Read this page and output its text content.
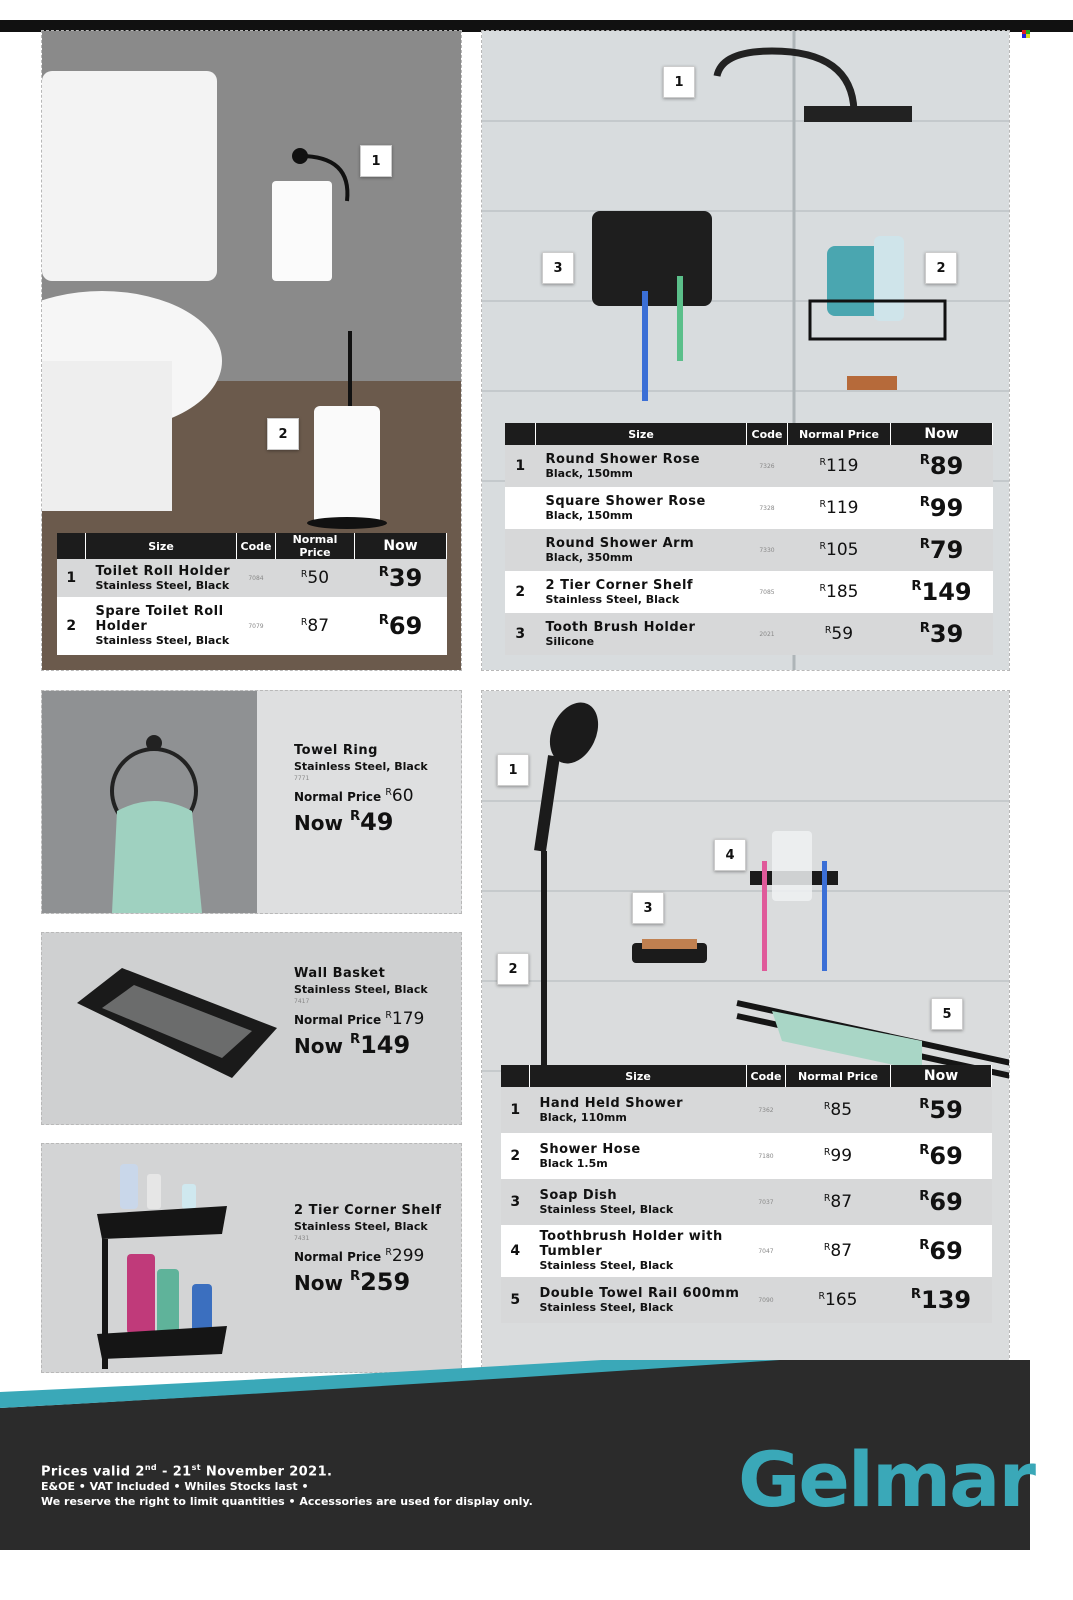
1
2
	Size	Code	Normal Price	Now
1	Toilet Roll Holder
Stainless Steel, Black	7084	$^R$50	$^R$39
2	Spare Toilet Roll Holder
Stainless Steel, Black	7079	$^R$87	$^R$69
1
2
3
	Size	Code	Normal Price	Now
1	Round Shower Rose
Black, 150mm	7326	$^R$119	$^R$89

	Square Shower Rose
Black, 150mm	7328	$^R$119	$^R$99

	Round Shower Arm
Black, 350mm	7330	$^R$105	$^R$79
2	2 Tier Corner Shelf
Stainless Steel, Black	7085	$^R$185	$^R$149
3	Tooth Brush Holder
Silicone	2021	$^R$59	$^R$39
Towel Ring
Stainless Steel, Black
7771
Normal Price $^R$60
Now $^R$49
Wall Basket
Stainless Steel, Black
7417
Normal Price $^R$179
Now $^R$149
2 Tier Corner Shelf
Stainless Steel, Black
7431
Normal Price $^R$299
Now $^R$259
1
2
3
4
5
	Size	Code	Normal Price	Now
1	Hand Held Shower
Black, 110mm	7362	$^R$85	$^R$59
2	Shower Hose
Black 1.5m	7180	$^R$99	$^R$69
3	Soap Dish
Stainless Steel, Black	7037	$^R$87	$^R$69
4	Toothbrush Holder with Tumbler
Stainless Steel, Black	7047	$^R$87	$^R$69
5	Double Towel Rail 600mm
Stainless Steel, Black	7090	$^R$165	$^R$139
Prices valid 2nd - 21st November 2021.
E&OE • VAT Included • Whiles Stocks last •
We reserve the right to limit quantities • Accessories are used for display only.	Gelmar
